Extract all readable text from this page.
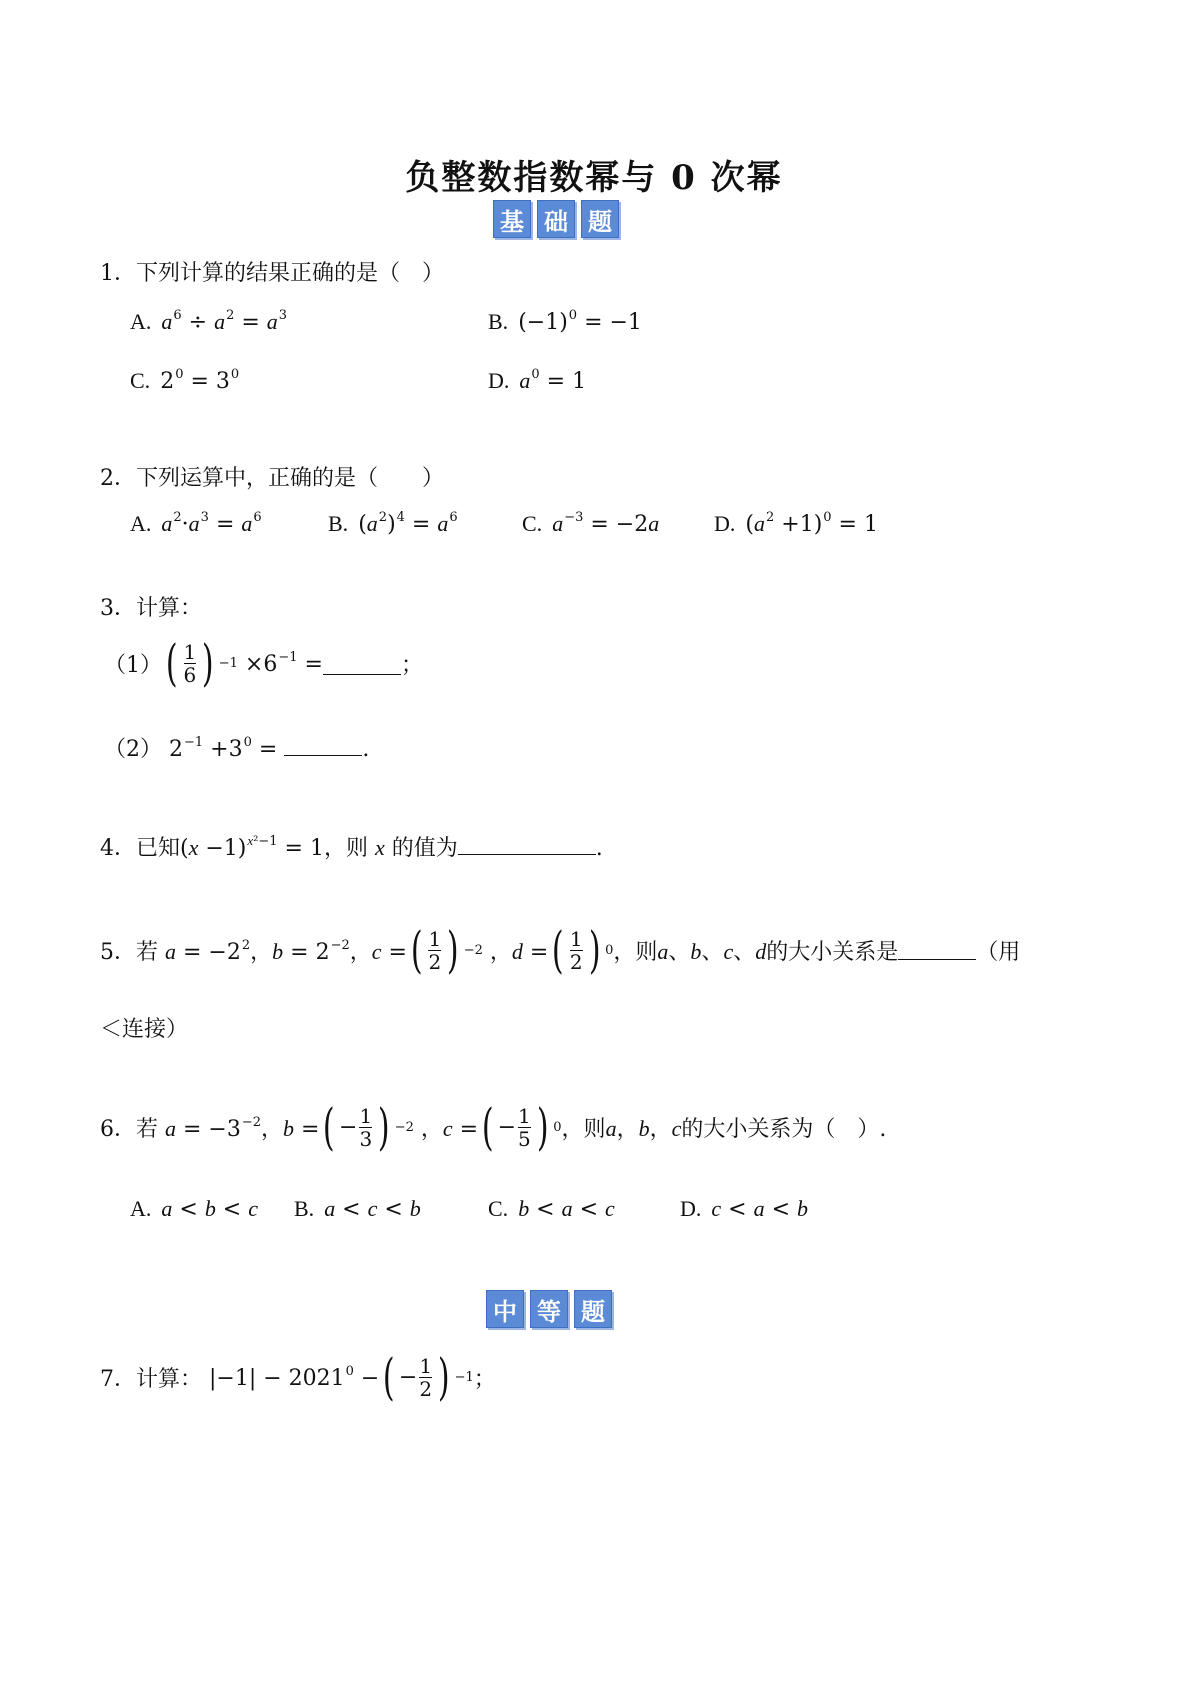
负整数指数幂与 0 次幂
基 础 题
1．下列计算的结果正确的是（　）
A. $a^6 \div a^2 = a^3$	B. $(-1)^0 = -1$
C. $2^0 = 3^0$	D. $a^0 = 1$
2．下列运算中，正确的是（　　）
A. $a^2\cdot a^3 = a^6$	B. $(a^2)^4 = a^6$	C. $a^{-3} = -2a$ D. $(a^2 +1)^0 = 1$
3．计算：
（1） ( $\frac{1}{6}$ ) $-1 \times 6^{-1}$ =	；
（2） $2^{-1} +3^0$ =	.
4．已知$(x -1)^{x^2-1} = 1$，则 x 的值为	.
5．若 $a = -2^2$，$b = 2^{-2}$，c = ( $\frac{1}{2}$ ) −2 ，d = ( $\frac{1}{2}$ ) 0 ，则 a、b、c、d 的大小关系是	（用
＜连接）
6．若 $a = -3^{-2}$，b = ( − $\frac{1}{3}$ ) −2 ，c = ( − $\frac{1}{5}$ ) 0 ，则 a，b，c 的大小关系为（　）.
A. a < b < c B. a < c < b	C. b < a < c	D. c < a < b
中 等 题
7．计算： $|-1| - 2021^0$ − ( − $\frac{1}{2}$ ) −1 ；
